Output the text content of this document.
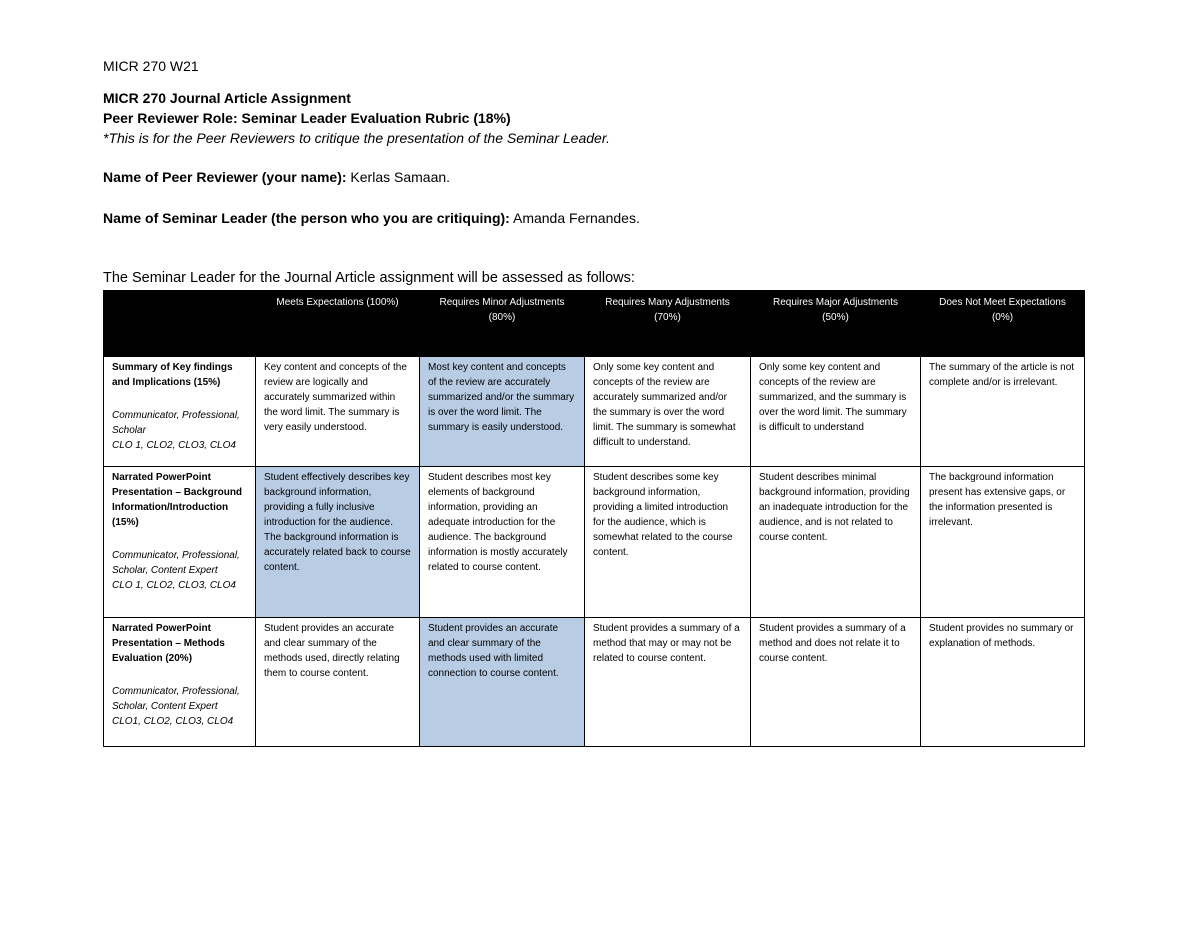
MICR 270 W21
MICR 270 Journal Article Assignment
Peer Reviewer Role: Seminar Leader Evaluation Rubric (18%)
*This is for the Peer Reviewers to critique the presentation of the Seminar Leader.
Name of Peer Reviewer (your name): Kerlas Samaan.
Name of Seminar Leader (the person who you are critiquing): Amanda Fernandes.
The Seminar Leader for the Journal Article assignment will be assessed as follows:
	Meets Expectations (100%)	Requires Minor Adjustments (80%)	Requires Many Adjustments (70%)	Requires Major Adjustments (50%)	Does Not Meet Expectations (0%)
Summary of Key findings and Implications (15%)
Communicator, Professional, Scholar
CLO 1, CLO2, CLO3, CLO4	Key content and concepts of the review are logically and accurately summarized within the word limit. The summary is very easily understood.	Most key content and concepts of the review are accurately summarized and/or the summary is over the word limit. The summary is easily understood.	Only some key content and concepts of the review are accurately summarized and/or the summary is over the word limit. The summary is somewhat difficult to understand.	Only some key content and concepts of the review are summarized, and the summary is over the word limit. The summary is difficult to understand	The summary of the article is not complete and/or is irrelevant.
Narrated PowerPoint Presentation – Background Information/Introduction (15%)
Communicator, Professional, Scholar, Content Expert
CLO 1, CLO2, CLO3, CLO4	Student effectively describes key background information, providing a fully inclusive introduction for the audience. The background information is accurately related back to course content.	Student describes most key elements of background information, providing an adequate introduction for the audience. The background information is mostly accurately related to course content.	Student describes some key background information, providing a limited introduction for the audience, which is somewhat related to the course content.	Student describes minimal background information, providing an inadequate introduction for the audience, and is not related to course content.	The background information present has extensive gaps, or the information presented is irrelevant.
Narrated PowerPoint Presentation – Methods Evaluation (20%)
Communicator, Professional, Scholar, Content Expert
CLO1, CLO2, CLO3, CLO4	Student provides an accurate and clear summary of the methods used, directly relating them to course content.	Student provides an accurate and clear summary of the methods used with limited connection to course content.	Student provides a summary of a method that may or may not be related to course content.	Student provides a summary of a method and does not relate it to course content.	Student provides no summary or explanation of methods.
